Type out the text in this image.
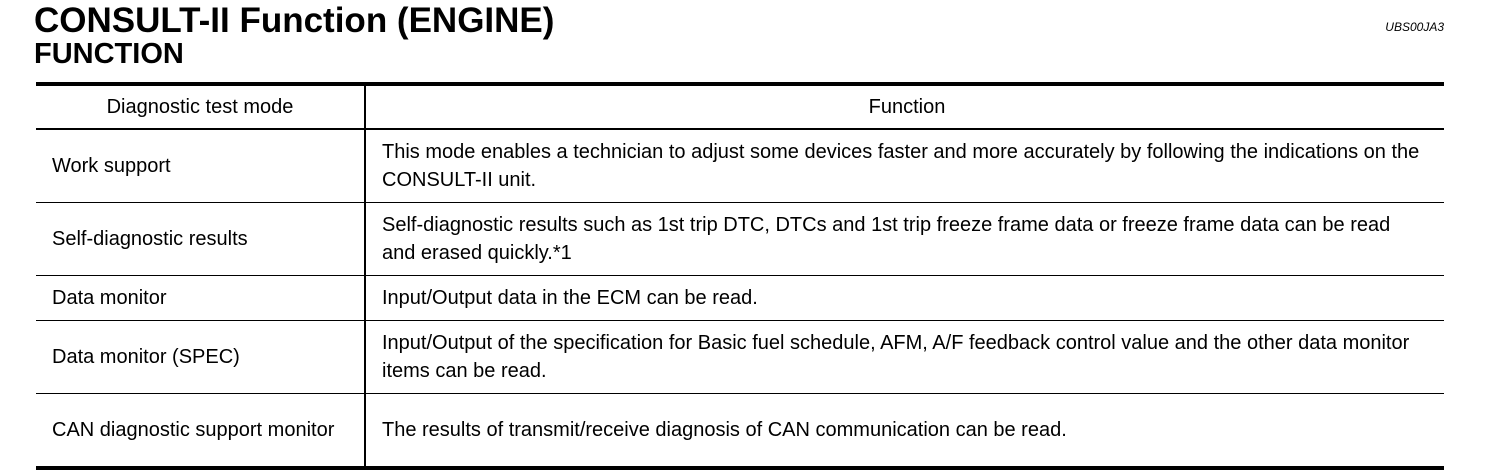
CONSULT-II Function (ENGINE)
FUNCTION
UBS00JA3
Diagnostic test mode	Function
Work support	This mode enables a technician to adjust some devices faster and more accurately by following the indications on the CONSULT-II unit.
Self-diagnostic results	Self-diagnostic results such as 1st trip DTC, DTCs and 1st trip freeze frame data or freeze frame data can be read and erased quickly.*1
Data monitor	Input/Output data in the ECM can be read.
Data monitor (SPEC)	Input/Output of the specification for Basic fuel schedule, AFM, A/F feedback control value and the other data monitor items can be read.
CAN diagnostic support monitor	The results of transmit/receive diagnosis of CAN communication can be read.
